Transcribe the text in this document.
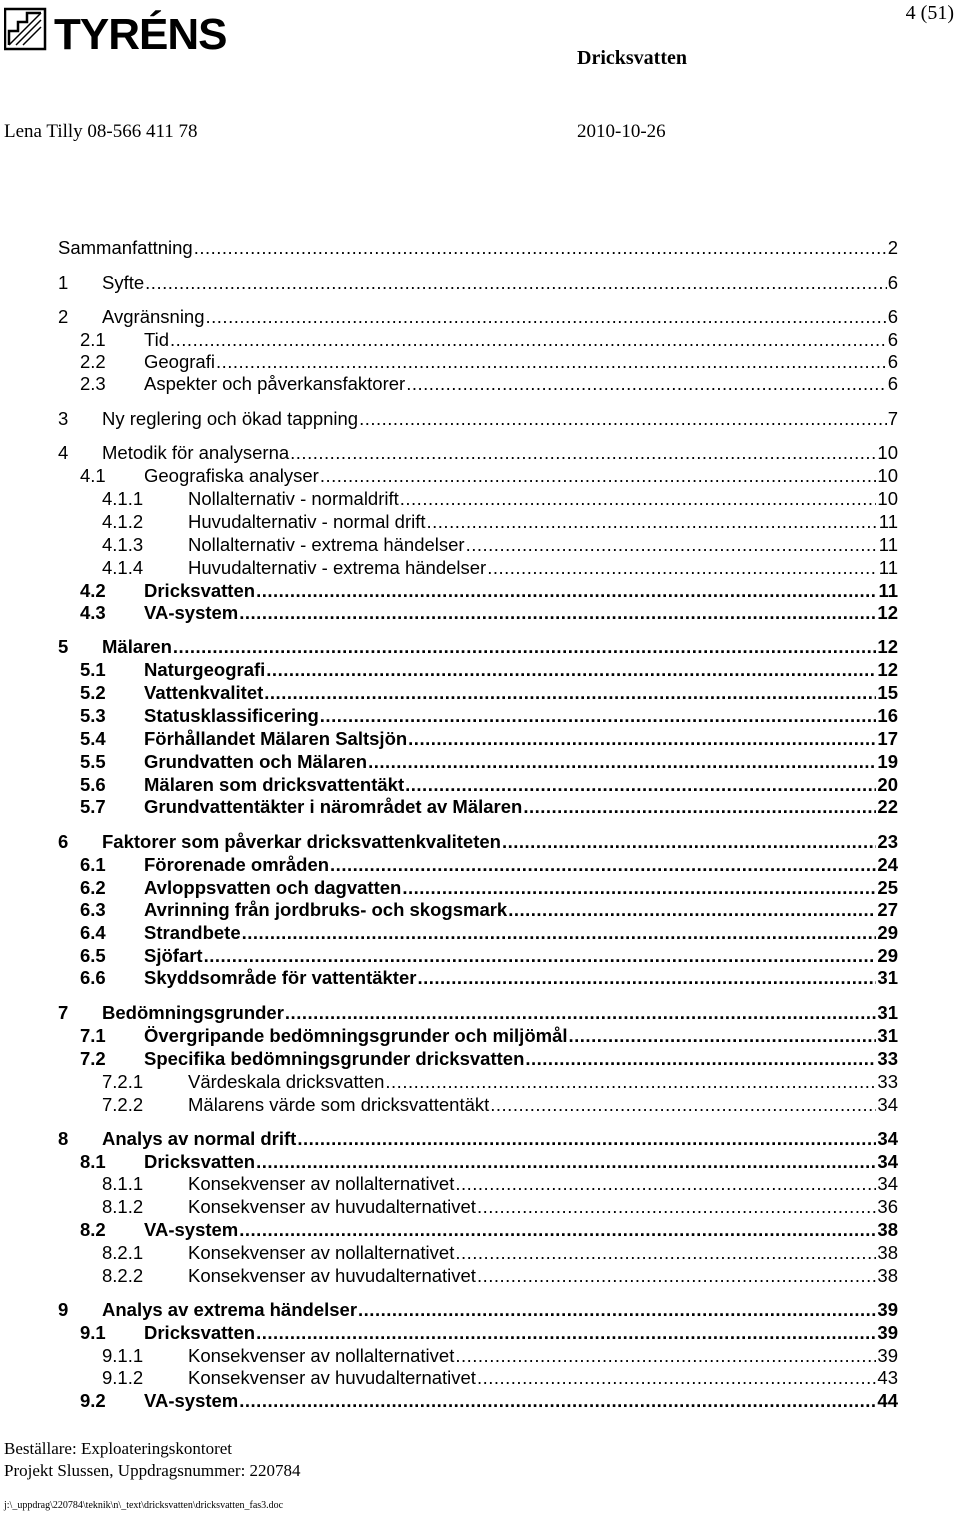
TYRÉNS	4 (51)
Dricksvatten
Lena Tilly 08-566 411 78	2010-10-26
Sammanfattning .....	2
1	Syfte .....	6
2	Avgränsning .....	6
2.1	Tid .....	6
2.2	Geografi .....	6
2.3	Aspekter och påverkansfaktorer .....	6
3	Ny reglering och ökad tappning .....	7
4	Metodik för analyserna .....	10
4.1	Geografiska analyser .....	10
4.1.1	Nollalternativ - normaldrift .....	10
4.1.2	Huvudalternativ - normal drift .....	11
4.1.3	Nollalternativ - extrema händelser .....	11
4.1.4	Huvudalternativ - extrema händelser .....	11
4.2	Dricksvatten .....	11
4.3	VA-system .....	12
5	Mälaren .....	12
5.1	Naturgeografi .....	12
5.2	Vattenkvalitet .....	15
5.3	Statusklassificering .....	16
5.4	Förhållandet Mälaren Saltsjön .....	17
5.5	Grundvatten och Mälaren .....	19
5.6	Mälaren som dricksvattentäkt .....	20
5.7	Grundvattentäkter i närområdet av Mälaren .....	22
6	Faktorer som påverkar dricksvattenkvaliteten .....	23
6.1	Förorenade områden .....	24
6.2	Avloppsvatten och dagvatten .....	25
6.3	Avrinning från jordbruks- och skogsmark .....	27
6.4	Strandbete .....	29
6.5	Sjöfart .....	29
6.6	Skyddsområde för vattentäkter .....	31
7	Bedömningsgrunder .....	31
7.1	Övergripande bedömningsgrunder och miljömål .....	31
7.2	Specifika bedömningsgrunder dricksvatten .....	33
7.2.1	Värdeskala dricksvatten .....	33
7.2.2	Mälarens värde som dricksvattentäkt .....	34
8	Analys av normal drift .....	34
8.1	Dricksvatten .....	34
8.1.1	Konsekvenser av nollalternativet .....	34
8.1.2	Konsekvenser av huvudalternativet .....	36
8.2	VA-system .....	38
8.2.1	Konsekvenser av nollalternativet .....	38
8.2.2	Konsekvenser av huvudalternativet .....	38
9	Analys av extrema händelser .....	39
9.1	Dricksvatten .....	39
9.1.1	Konsekvenser av nollalternativet .....	39
9.1.2	Konsekvenser av huvudalternativet .....	43
9.2	VA-system .....	44
Beställare: Exploateringskontoret
Projekt Slussen, Uppdragsnummer: 220784
j:\_uppdrag\220784\teknik\n\_text\dricksvatten\dricksvatten_fas3.doc
